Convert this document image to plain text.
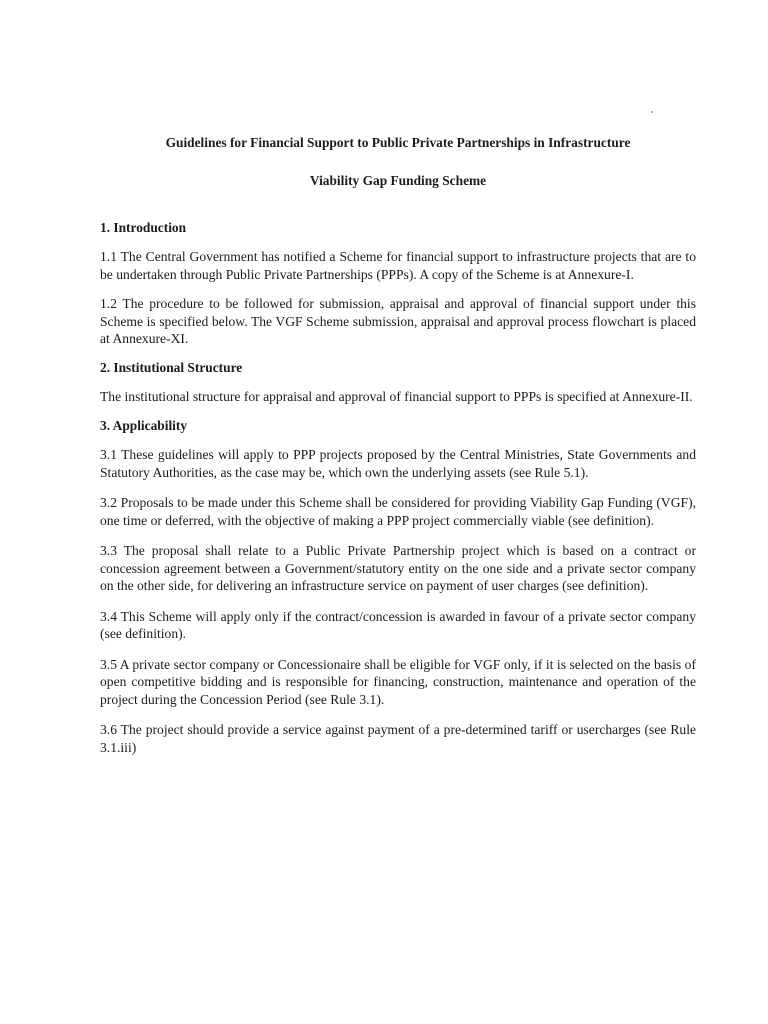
Guidelines for Financial Support to Public Private Partnerships in Infrastructure

Viability Gap Funding Scheme

1. Introduction

1.1 The Central Government has notified a Scheme for financial support to infrastructure projects that are to be undertaken through Public Private Partnerships (PPPs). A copy of the Scheme is at Annexure-I.

1.2 The procedure to be followed for submission, appraisal and approval of financial support under this Scheme is specified below. The VGF Scheme submission, appraisal and approval process flowchart is placed at Annexure-XI.

2. Institutional Structure

The institutional structure for appraisal and approval of financial support to PPPs is specified at Annexure-II.

3. Applicability

3.1 These guidelines will apply to PPP projects proposed by the Central Ministries, State Governments and Statutory Authorities, as the case may be, which own the underlying assets (see Rule 5.1).

3.2 Proposals to be made under this Scheme shall be considered for providing Viability Gap Funding (VGF), one time or deferred, with the objective of making a PPP project commercially viable (see definition).

3.3 The proposal shall relate to a Public Private Partnership project which is based on a contract or concession agreement between a Government/statutory entity on the one side and a private sector company on the other side, for delivering an infrastructure service on payment of user charges (see definition).

3.4 This Scheme will apply only if the contract/concession is awarded in favour of a private sector company (see definition).

3.5 A private sector company or Concessionaire shall be eligible for VGF only, if it is selected on the basis of open competitive bidding and is responsible for financing, construction, maintenance and operation of the project during the Concession Period (see Rule 3.1).

3.6 The project should provide a service against payment of a pre-determined tariff or usercharges (see Rule 3.1.iii)
